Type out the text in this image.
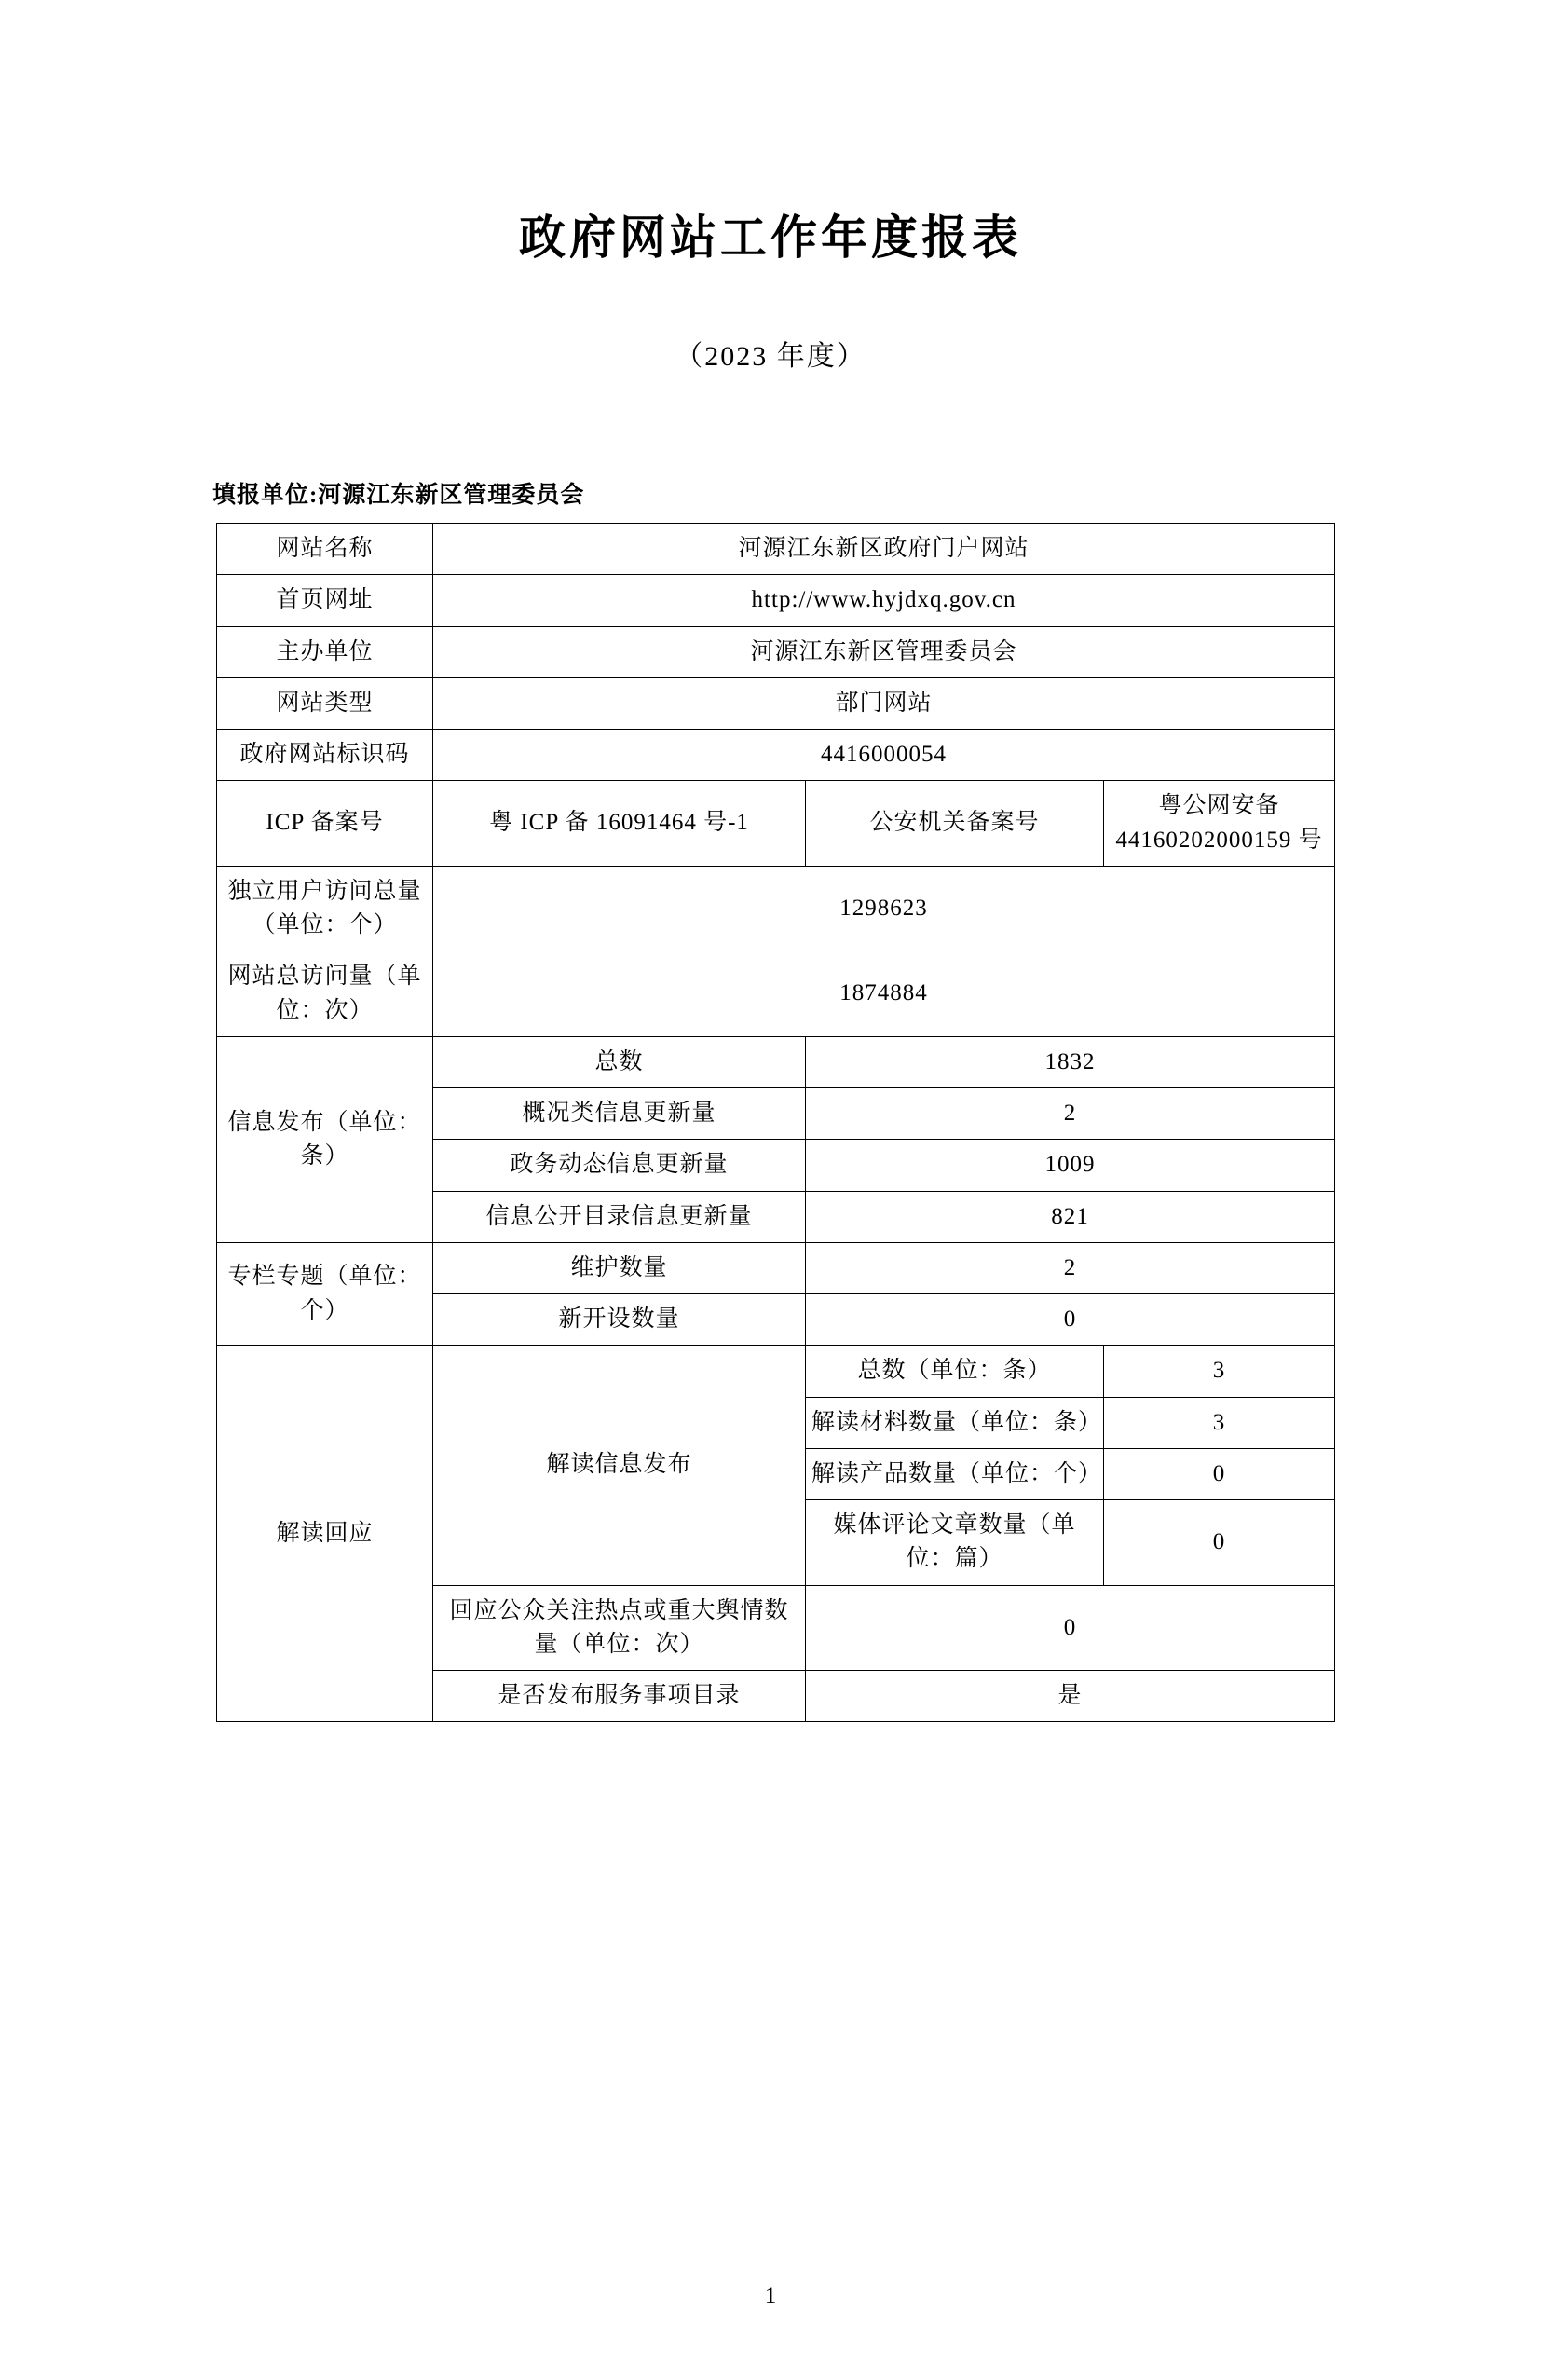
政府网站工作年度报表
（2023 年度）
填报单位:河源江东新区管理委员会
网站名称	河源江东新区政府门户网站		
首页网址	http://www.hyjdxq.gov.cn		
主办单位	河源江东新区管理委员会		
网站类型	部门网站		
政府网站标识码	4416000054		
ICP 备案号	粤 ICP 备 16091464 号-1	公安机关备案号	粤公网安备 44160202000159 号
独立用户访问总量（单位：个）	1298623		
网站总访问量（单位：次）	1874884		
信息发布（单位：条）	总数	1832	
	概况类信息更新量	2	
	政务动态信息更新量	1009	
	信息公开目录信息更新量	821	
专栏专题（单位：个）	维护数量	2	
	新开设数量	0	
解读回应	解读信息发布	总数（单位：条）	3
		解读材料数量（单位：条）	3
		解读产品数量（单位：个）	0
		媒体评论文章数量（单位：篇）	0
	回应公众关注热点或重大舆情数量（单位：次）	0	
	是否发布服务事项目录	是	
1
